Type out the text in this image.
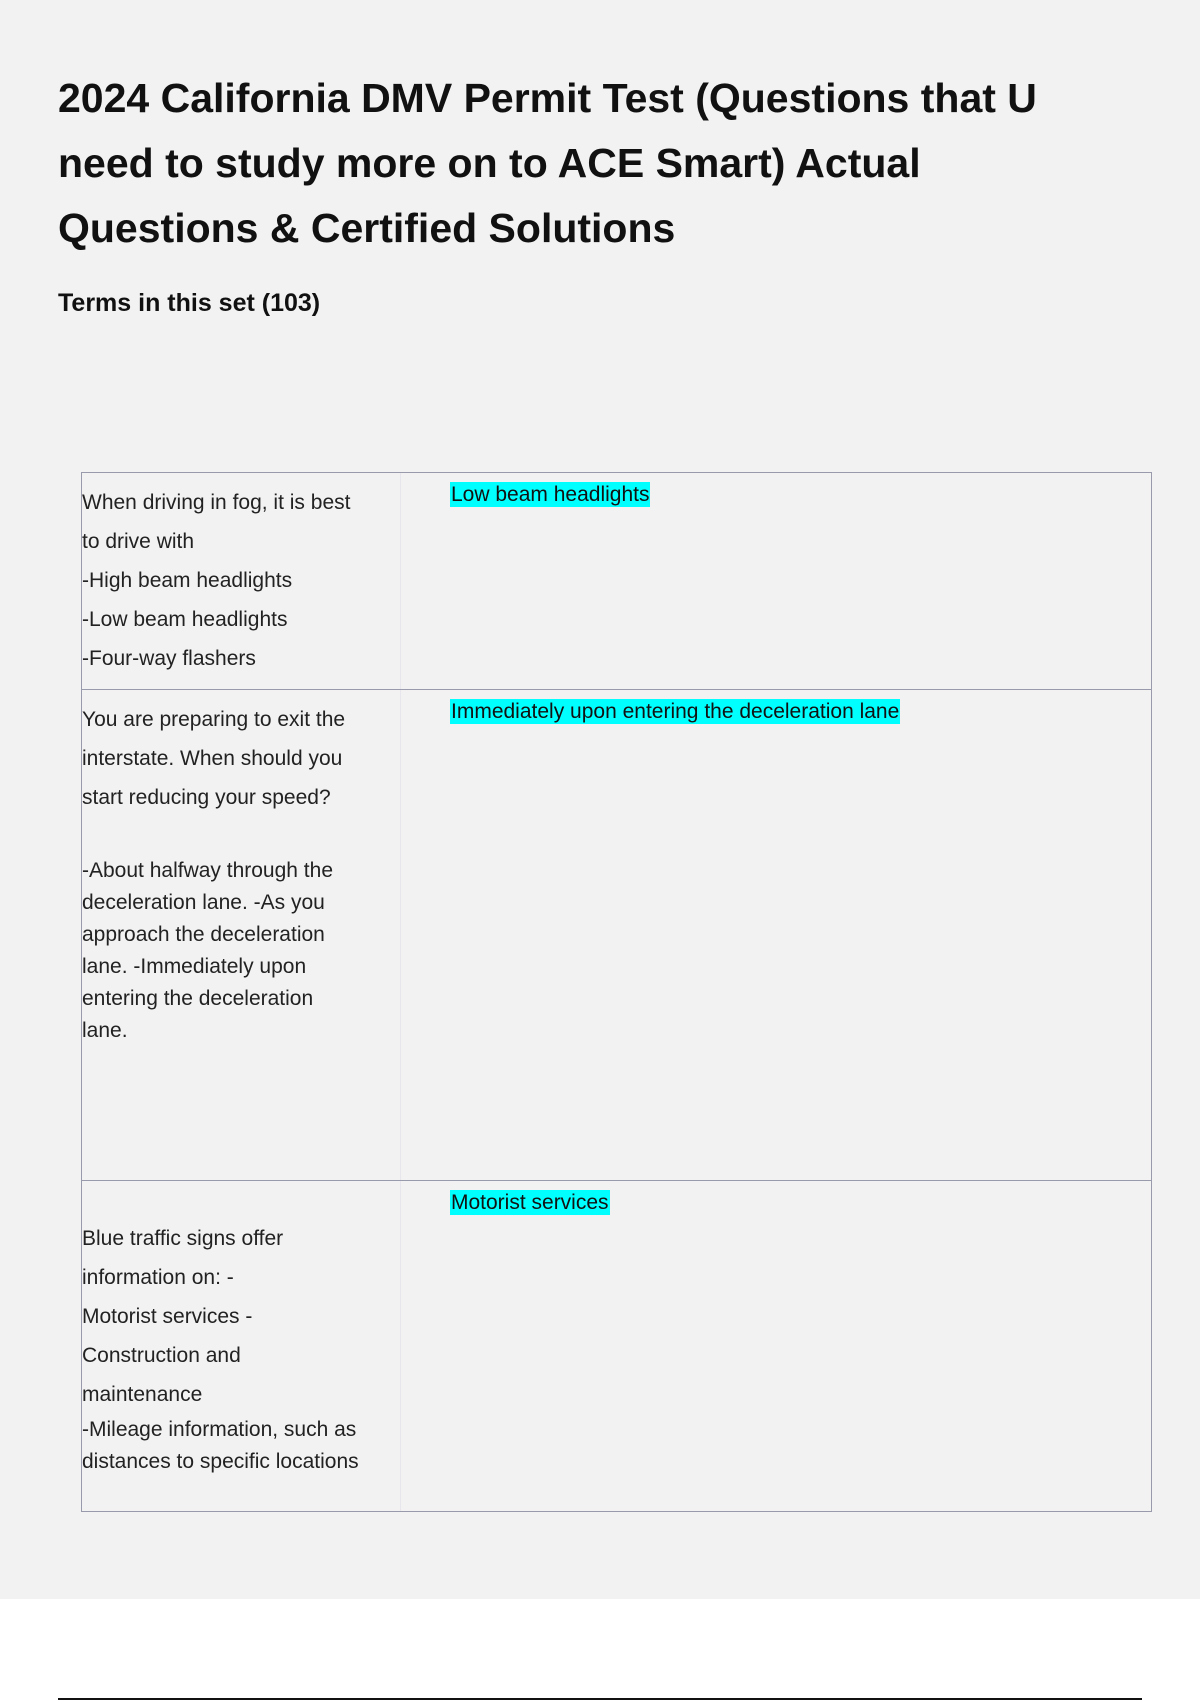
2024 California DMV Permit Test (Questions that U need to study more on to ACE Smart) Actual Questions & Certified Solutions
Terms in this set (103)
When driving in fog, it is best
to drive with
-High beam headlights
-Low beam headlights
-Four-way flashers
Low beam headlights
You are preparing to exit the
interstate. When should you
start reducing your speed?
-About halfway through the
deceleration lane. -As you
approach the deceleration
lane. -Immediately upon
entering the deceleration
lane.
Immediately upon entering the deceleration lane
Blue traffic signs offer
information on: -
Motorist services -
Construction and
maintenance
-Mileage information, such as
distances to specific locations
Motorist services
